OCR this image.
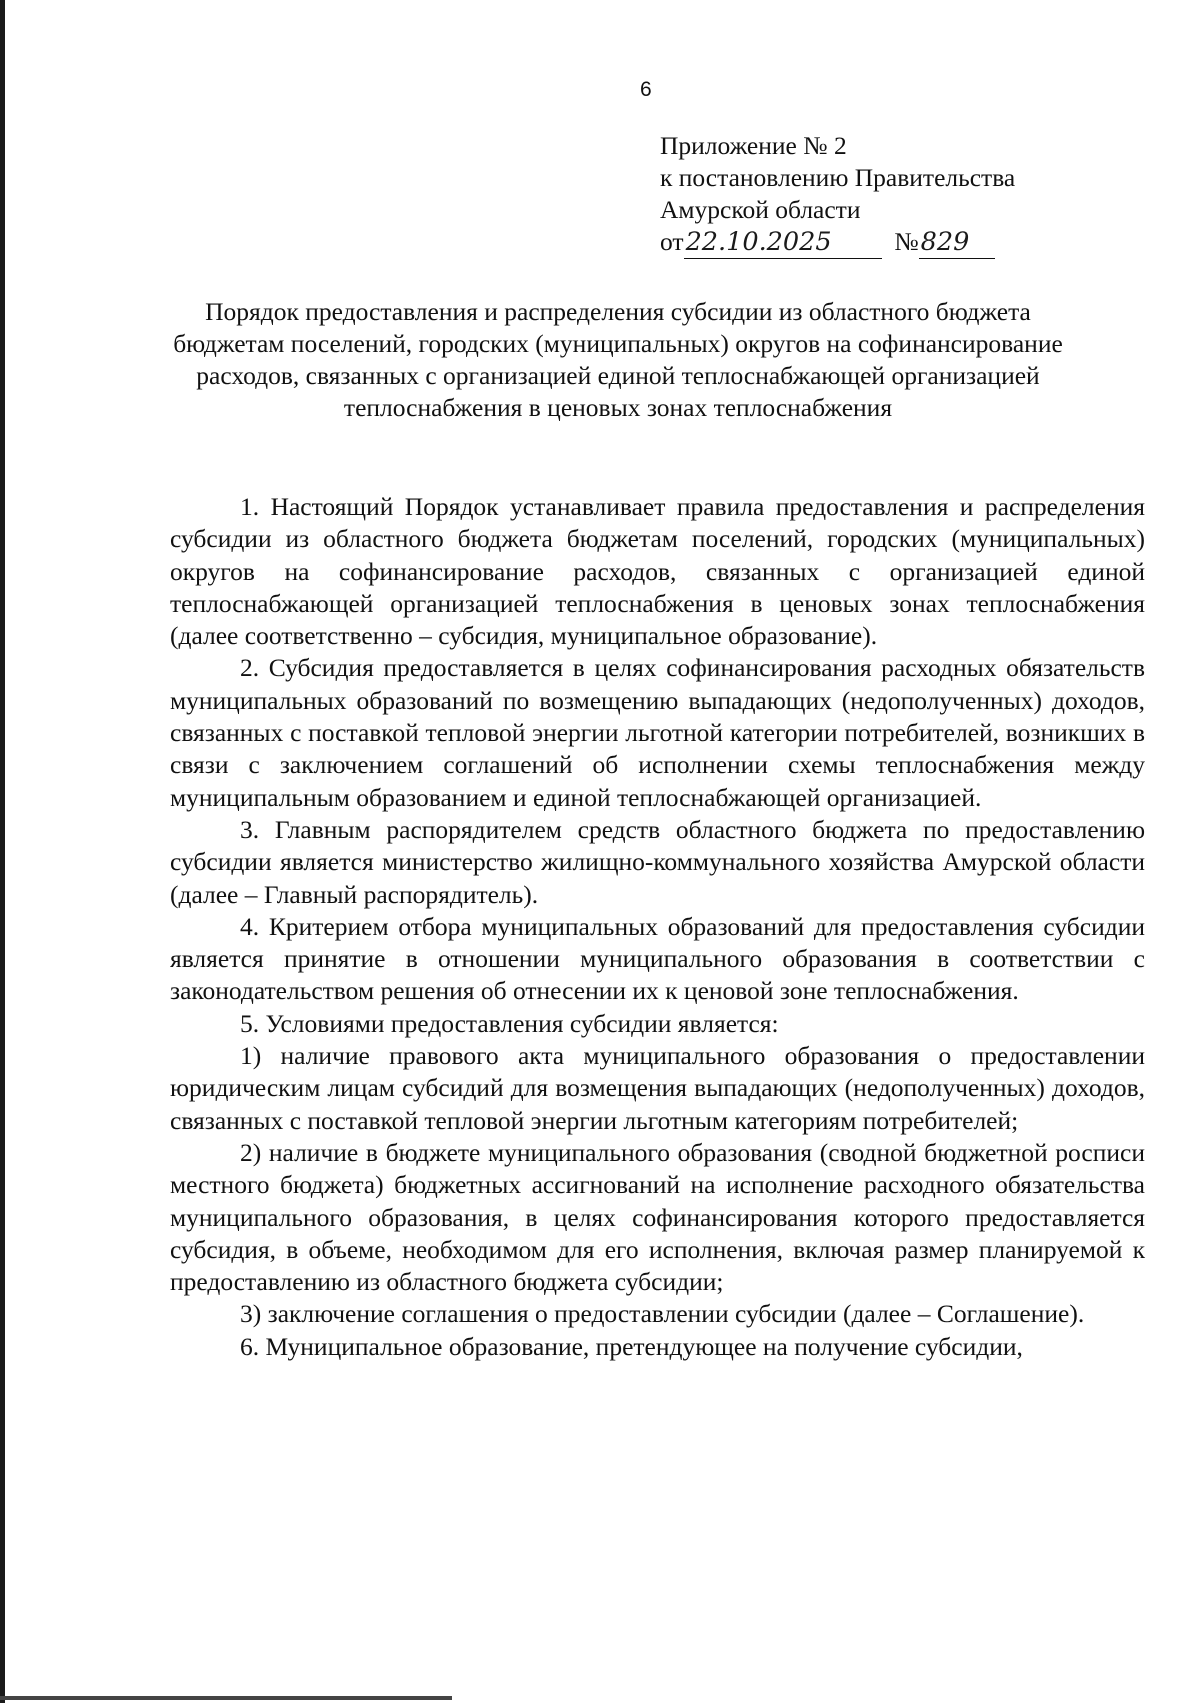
6
Приложение № 2
к постановлению Правительства
Амурской области
от22.10.2025 №829
Порядок предоставления и распределения субсидии из областного бюджета бюджетам поселений, городских (муниципальных) округов на софинансирование расходов, связанных с организацией единой теплоснабжающей организацией теплоснабжения в ценовых зонах теплоснабжения

1. Настоящий Порядок устанавливает правила предоставления и распределения субсидии из областного бюджета бюджетам поселений, городских (муниципальных) округов на софинансирование расходов, связанных с организацией единой теплоснабжающей организацией теплоснабжения в ценовых зонах теплоснабжения (далее соответственно – субсидия, муниципальное образование).

2. Субсидия предоставляется в целях софинансирования расходных обязательств муниципальных образований по возмещению выпадающих (недополученных) доходов, связанных с поставкой тепловой энергии льготной категории потребителей, возникших в связи с заключением соглашений об исполнении схемы теплоснабжения между муниципальным образованием и единой теплоснабжающей организацией.

3. Главным распорядителем средств областного бюджета по предоставлению субсидии является министерство жилищно-коммунального хозяйства Амурской области (далее – Главный распорядитель).

4. Критерием отбора муниципальных образований для предоставления субсидии является принятие в отношении муниципального образования в соответствии с законодательством решения об отнесении их к ценовой зоне теплоснабжения.

5. Условиями предоставления субсидии является:

1) наличие правового акта муниципального образования о предоставлении юридическим лицам субсидий для возмещения выпадающих (недополученных) доходов, связанных с поставкой тепловой энергии льготным категориям потребителей;

2) наличие в бюджете муниципального образования (сводной бюджетной росписи местного бюджета) бюджетных ассигнований на исполнение расходного обязательства муниципального образования, в целях софинансирования которого предоставляется субсидия, в объеме, необходимом для его исполнения, включая размер планируемой к предоставлению из областного бюджета субсидии;

3) заключение соглашения о предоставлении субсидии (далее – Соглашение).

6. Муниципальное образование, претендующее на получение субсидии,
